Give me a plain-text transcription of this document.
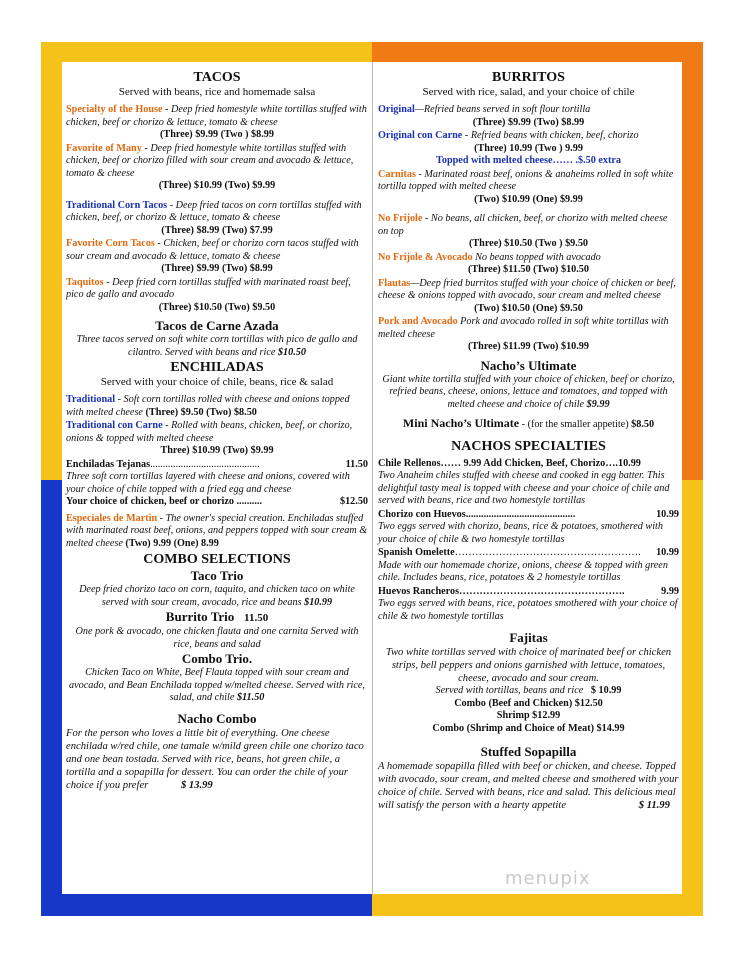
TACOS
Served with beans, rice and homemade salsa
Specialty of the House - Deep fried homestyle white tortillas stuffed with chicken, beef or chorizo & lettuce, tomato & cheese
(Three) $9.99 (Two ) $8.99
Favorite of Many - Deep fried homestyle white tortillas stuffed with chicken, beef or chorizo filled with sour cream and avocado & lettuce, tomato & cheese
(Three) $10.99 (Two) $9.99
Traditional Corn Tacos - Deep fried tacos on corn tortillas stuffed with chicken, beef, or chorizo & lettuce, tomato & cheese
(Three) $8.99 (Two) $7.99
Favorite Corn Tacos - Chicken, beef or chorizo corn tacos stuffed with sour cream and avocado & lettuce, tomato & cheese
(Three) $9.99 (Two) $8.99
Taquitos - Deep fried corn tortillas stuffed with marinated roast beef, pico de gallo and avocado
(Three) $10.50 (Two) $9.50
Tacos de Carne Azada
Three tacos served on soft white corn tortillas with pico de gallo and cilantro. Served with beans and rice $10.50
ENCHILADAS
Served with your choice of chile, beans, rice & salad
Traditional - Soft corn tortillas rolled with cheese and onions topped with melted cheese (Three) $9.50 (Two) $8.50
Traditional con Carne - Rolled with beans, chicken, beef, or chorizo, onions & topped with melted cheese
Three) $10.99 (Two) $9.99
Enchiladas Tejanas...........................................	11.50
Three soft corn tortillas layered with cheese and onions, covered with your choice of chile topped with a fried egg and cheese
Your choice of chicken, beef or chorizo ..........	$12.50
Especiales de Martin - The owner's special creation. Enchiladas stuffed with marinated roast beef, onions, and peppers topped with sour cream & melted cheese (Two) 9.99 (One) 8.99
COMBO SELECTIONS
Taco Trio
Deep fried chorizo taco on corn, taquito, and chicken taco on white served with sour cream, avocado, rice and beans $10.99
Burrito Trio 11.50
One pork & avocado, one chicken flauta and one carnita Served with rice, beans and salad
Combo Trio.
Chicken Taco on White, Beef Flauta topped with sour cream and avocado, and Bean Enchilada topped w/melted cheese. Served with rice, salad, and chile $11.50
Nacho Combo
For the person who loves a little bit of everything. One cheese enchilada w/red chile, one tamale w/mild green chile one chorizo taco and one bean tostada. Served with rice, beans, hot green chile, a tortilla and a sopapilla for dessert. You can order the chile of your choice if you prefer	$ 13.99
BURRITOS
Served with rice, salad, and your choice of chile
Original—Refried beans served in soft flour tortilla
(Three) $9.99 (Two) $8.99
Original con Carne - Refried beans with chicken, beef, chorizo
(Three) 10.99 (Two ) 9.99
Topped with melted cheese…… .$.50 extra
Carnitas - Marinated roast beef, onions & anaheims rolled in soft white tortilla topped with melted cheese
(Two) $10.99 (One) $9.99
No Frijole - No beans, all chicken, beef, or chorizo with melted cheese on top
(Three) $10.50 (Two ) $9.50
No Frijole & Avocado No beans topped with avocado
(Three) $11.50 (Two) $10.50
Flautas—Deep fried burritos stuffed with your choice of chicken or beef, cheese & onions topped with avocado, sour cream and melted cheese
(Two) $10.50 (One) $9.50
Pork and Avocado Pork and avocado rolled in soft white tortillas with melted cheese
(Three) $11.99 (Two) $10.99
Nacho’s Ultimate
Giant white tortilla stuffed with your choice of chicken, beef or chorizo, refried beans, cheese, onions, lettuce and tomatoes, and topped with melted cheese and choice of chile $9.99
Mini Nacho’s Ultimate - (for the smaller appetite) $8.50
NACHOS SPECIALTIES
Chile Rellenos…… 9.99 Add Chicken, Beef, Chorizo….10.99
Two Anaheim chiles stuffed with cheese and cooked in egg batter. This delightful tasty meal is topped with cheese and your choice of chile and served with beans, rice and two homestyle tortillas
Chorizo con Huevos...........................................	10.99
Two eggs served with chorizo, beans, rice & potatoes, smothered with your choice of chile & two homestyle tortillas
Spanish Omelette………………………………………………. 10.99
Made with our homemade chorize, onions, cheese & topped with green chile. Includes beans, rice, potatoes & 2 homestyle tortillas
Huevos Rancheros………………………………………….	9.99
Two eggs served with beans, rice, potatoes smothered with your choice of chile & two homestyle tortillas
Fajitas
Two white tortillas served with choice of marinated beef or chicken strips, bell peppers and onions garnished with lettuce, tomatoes, cheese, avocado and sour cream.
Served with tortillas, beans and rice $ 10.99
Combo (Beef and Chicken) $12.50
Shrimp $12.99
Combo (Shrimp and Choice of Meat) $14.99
Stuffed Sopapilla
A homemade sopapilla filled with beef or chicken, and cheese. Topped with avocado, sour cream, and melted cheese and smothered with your choice of chile. Served with beans, rice and salad. This delicious meal will satisfy the person with a hearty appetite	$ 11.99
menupix
